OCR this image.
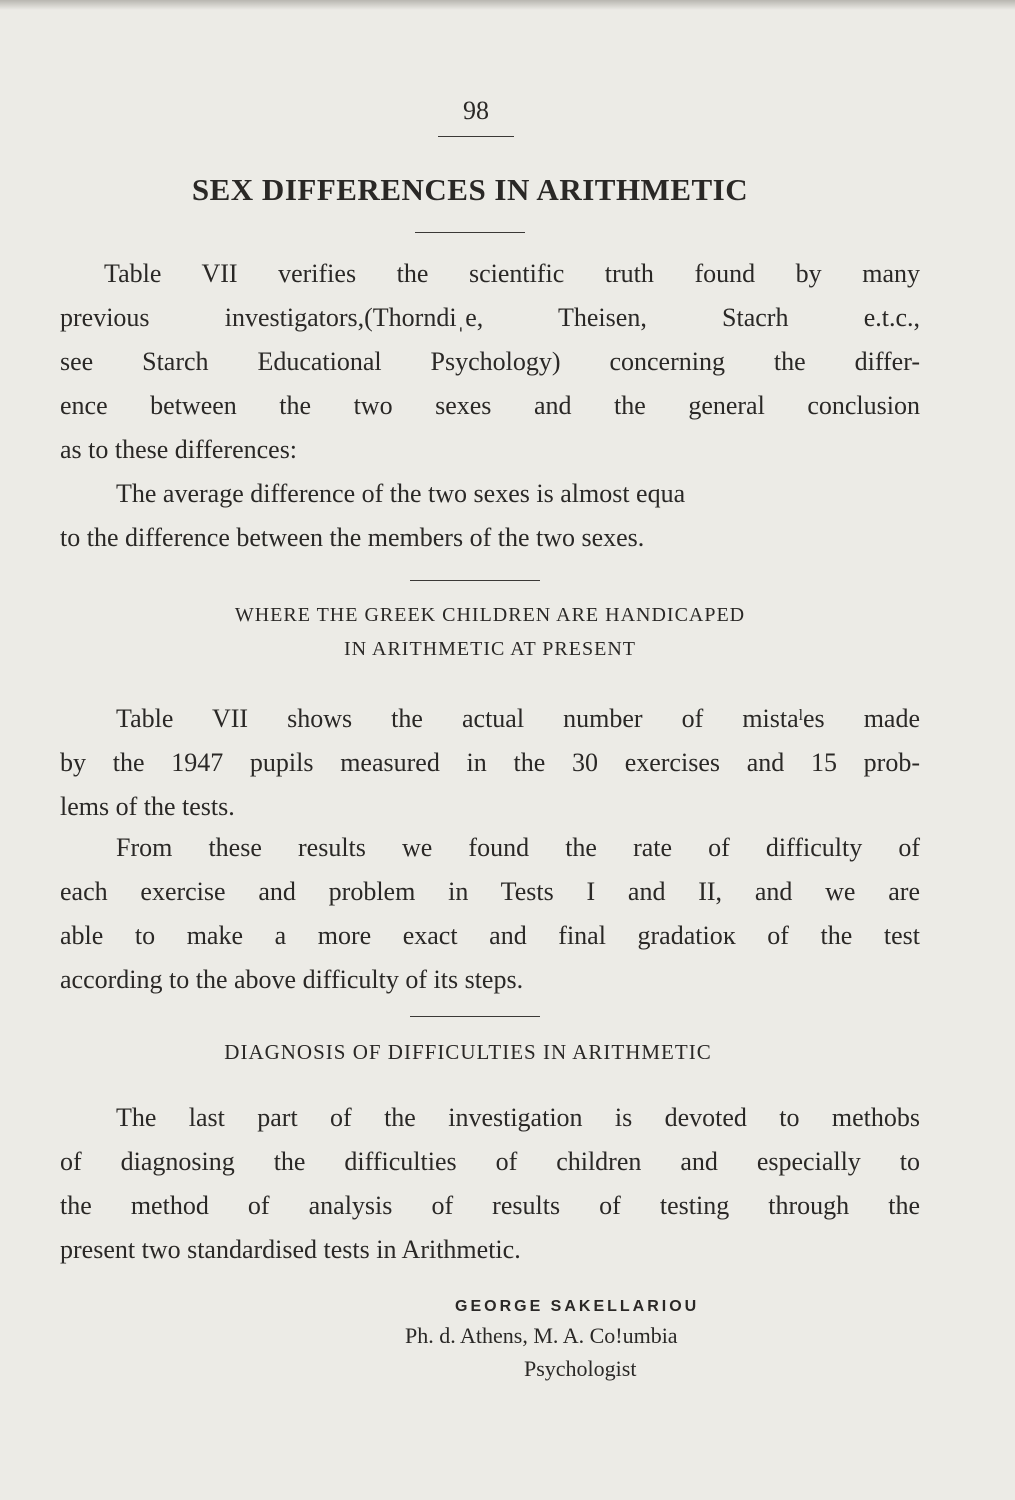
98
SEX DIFFERENCES IN ARITHMETIC

Table VII verifies the scientific truth found by many
previous investigators,(Thorndiˌe, Theisen, Stacrh e.t.c.,
see Starch Educational Psychology) concerning the differ-
ence between the two sexes and the general conclusion
as to these differences:

The average difference of the two sexes is almost equa
to the difference between the members of the two sexes.

WHERE THE GREEK CHILDREN ARE HANDICAPED
IN ARITHMETIC AT PRESENT

Table VII shows the actual number of mistaˡes made
by the 1947 pupils measured in the 30 exercises and 15 prob-
lems of the tests.

From these results we found the rate of difficulty of
each exercise and problem in Tests I and II, and we are
able to make a more exact and final gradatioĸ of the test
according to the above difficulty of its steps.

DIAGNOSIS OF DIFFICULTIES IN ARITHMETIC

The last part of the investigation is devoted to methobs
of diagnosing the difficulties of children and especially to
the method of analysis of results of testing through the
present two standardised tests in Arithmetic.

GEORGE SAKELLARIOU
Ph. d. Athens, M. A. Co!umbia
Psychologist
